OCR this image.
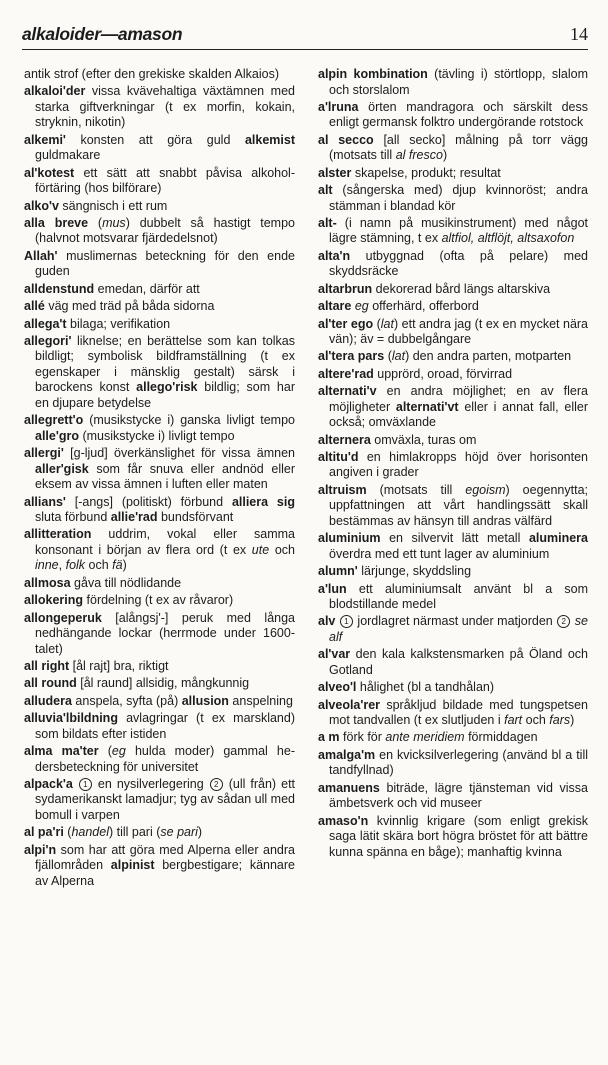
alkaloider—amason	14

antik strof (efter den grekiske skalden Alkaios)

alkaloi'der vissa kvävehaltiga växtämnen med starka giftverkningar (t ex morfin, kokain, stryknin, nikotin)

alkemi' konsten att göra guld alkemist guldmakare

al'kotest ett sätt att snabbt påvisa alkoholförtäring (hos bilförare)

alko'v sängnisch i ett rum

alla breve (mus) dubbelt så hastigt tempo (halvnot motsvarar fjärdedelsnot)

Allah' muslimernas beteckning för den ende guden

alldenstund emedan, därför att

allé väg med träd på båda sidorna

allega't bilaga; verifikation

allegori' liknelse; en berättelse som kan tolkas bildligt; symbolisk bildframställning (t ex egenskaper i mänsklig gestalt) särsk i barockens konst allego'risk bildlig; som har en djupare betydelse

allegrett'o (musikstycke i) ganska livligt tempo alle'gro (musikstycke i) livligt tempo

allergi' [g-ljud] överkänslighet för vissa ämnen aller'gisk som får snuva eller andnöd eller eksem av vissa ämnen i luften eller maten

allians' [-angs] (politiskt) förbund alliera sig sluta förbund allie'rad bundsförvant

allitteration uddrim, vokal eller samma konsonant i början av flera ord (t ex ute och inne, folk och fä)

allmosa gåva till nödlidande

allokering fördelning (t ex av råvaror)

allongeperuk [alångsj'-] peruk med långa nedhängande lockar (herrmode under 1600-talet)

all right [ål rajt] bra, riktigt

all round [ål raund] allsidig, mångkunnig

alludera anspela, syfta (på) allusion anspelning

alluvia'lbildning avlagringar (t ex marskland) som bildats efter istiden

alma ma'ter (eg hulda moder) gammal hedersbeteckning för universitet

alpack'a 1 en nysilverlegering 2 (ull från) ett sydamerikanskt lamadjur; tyg av sådan ull med bomull i varpen

al pa'ri (handel) till pari (se pari)

alpi'n som har att göra med Alperna eller andra fjällområden alpinist bergbestigare; kännare av Alperna

alpin kombination (tävling i) störtlopp, slalom och storslalom

a'lruna örten mandragora och särskilt dess enligt germansk folktro undergörande rotstock

al secco [all secko] målning på torr vägg (motsats till al fresco)

alster skapelse, produkt; resultat

alt (sångerska med) djup kvinnoröst; andra stämman i blandad kör

alt- (i namn på musikinstrument) med något lägre stämning, t ex altfiol, altflöjt, altsaxofon

alta'n utbyggnad (ofta på pelare) med skyddsräcke

altarbrun dekorerad bård längs altarskiva

altare eg offerhärd, offerbord

al'ter ego (lat) ett andra jag (t ex en mycket nära vän); äv = dubbelgångare

al'tera pars (lat) den andra parten, motparten

altere'rad upprörd, oroad, förvirrad

alternati'v en andra möjlighet; en av flera möjligheter alternati'vt eller i annat fall, eller också; omväxlande

alternera omväxla, turas om

altitu'd en himlakropps höjd över horisonten angiven i grader

altruism (motsats till egoism) oegennytta; uppfattningen att vårt handlingssätt skall bestämmas av hänsyn till andras välfärd

aluminium en silvervit lätt metall aluminera överdra med ett tunt lager av aluminium

alumn' lärjunge, skyddsling

a'lun ett aluminiumsalt använt bl a som blodstillande medel

alv 1 jordlagret närmast under matjorden 2 se alf

al'var den kala kalkstensmarken på Öland och Gotland

alveo'l hålighet (bl a tandhålan)

alveola'rer språkljud bildade med tungspetsen mot tandvallen (t ex slutljuden i fart och fars)

a m förk för ante meridiem förmiddagen

amalga'm en kvicksilverlegering (använd bl a till tandfyllnad)

amanuens biträde, lägre tjänsteman vid vissa ämbetsverk och vid museer

amaso'n kvinnlig krigare (som enligt grekisk saga lätit skära bort högra bröstet för att bättre kunna spänna en båge); manhaftig kvinna
